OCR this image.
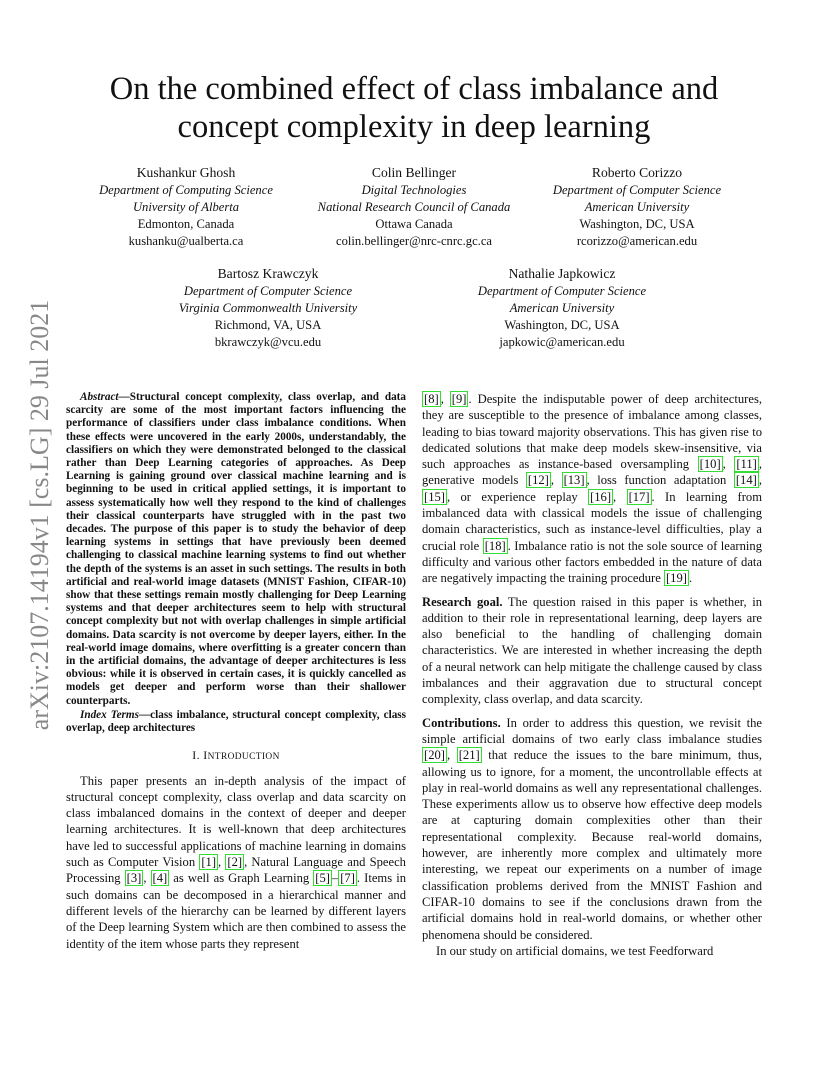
On the combined effect of class imbalance and concept complexity in deep learning
Kushankur Ghosh
Department of Computing Science
University of Alberta
Edmonton, Canada
kushanku@ualberta.ca
Colin Bellinger
Digital Technologies
National Research Council of Canada
Ottawa Canada
colin.bellinger@nrc-cnrc.gc.ca
Roberto Corizzo
Department of Computer Science
American University
Washington, DC, USA
rcorizzo@american.edu
Bartosz Krawczyk
Department of Computer Science
Virginia Commonwealth University
Richmond, VA, USA
bkrawczyk@vcu.edu
Nathalie Japkowicz
Department of Computer Science
American University
Washington, DC, USA
japkowic@american.edu
arXiv:2107.14194v1 [cs.LG] 29 Jul 2021	Abstract—Structural concept complexity, class overlap, and data scarcity are some of the most important factors influencing the performance of classifiers under class imbalance conditions. When these effects were uncovered in the early 2000s, understandably, the classifiers on which they were demonstrated belonged to the classical rather than Deep Learning categories of approaches. As Deep Learning is gaining ground over classical machine learning and is beginning to be used in critical applied settings, it is important to assess systematically how well they respond to the kind of challenges their classical counterparts have struggled with in the past two decades. The purpose of this paper is to study the behavior of deep learning systems in settings that have previously been deemed challenging to classical machine learning systems to find out whether the depth of the systems is an asset in such settings. The results in both artificial and real-world image datasets (MNIST Fashion, CIFAR-10) show that these settings remain mostly challenging for Deep Learning systems and that deeper architectures seem to help with structural concept complexity but not with overlap challenges in simple artificial domains. Data scarcity is not overcome by deeper layers, either. In the real-world image domains, where overfitting is a greater concern than in the artificial domains, the advantage of deeper architectures is less obvious: while it is observed in certain cases, it is quickly cancelled as models get deeper and perform worse than their shallower counterparts.

Index Terms—class imbalance, structural concept complexity, class overlap, deep architectures

I. INTRODUCTION

This paper presents an in-depth analysis of the impact of structural concept complexity, class overlap and data scarcity on class imbalanced domains in the context of deeper and deeper learning architectures. It is well-known that deep architectures have led to successful applications of machine learning in domains such as Computer Vision [1] , [2] , Natural Language and Speech Processing [3] , [4] as well as Graph Learning [5] – [7] . Items in such domains can be decomposed in a hierarchical manner and different levels of the hierarchy can be learned by different layers of the Deep learning System which are then combined to assess the identity of the item whose parts they represent

[8] , [9] . Despite the indisputable power of deep architectures, they are susceptible to the presence of imbalance among classes, leading to bias toward majority observations. This has given rise to dedicated solutions that make deep models skew-insensitive, via such approaches as instance-based oversampling [10] , [11] , generative models [12] , [13] , loss function adaptation [14] , [15] , or experience replay [16] , [17] . In learning from imbalanced data with classical models the issue of challenging domain characteristics, such as instance-level difficulties, play a crucial role [18] . Imbalance ratio is not the sole source of learning difficulty and various other factors embedded in the nature of data are negatively impacting the training procedure [19] .

Research goal. The question raised in this paper is whether, in addition to their role in representational learning, deep layers are also beneficial to the handling of challenging domain characteristics. We are interested in whether increasing the depth of a neural network can help mitigate the challenge caused by class imbalances and their aggravation due to structural concept complexity, class overlap, and data scarcity.

Contributions. In order to address this question, we revisit the simple artificial domains of two early class imbalance studies [20] , [21] that reduce the issues to the bare minimum, thus, allowing us to ignore, for a moment, the uncontrollable effects at play in real-world domains as well any representational challenges. These experiments allow us to observe how effective deep models are at capturing domain complexities other than their representational complexity. Because real-world domains, however, are inherently more complex and ultimately more interesting, we repeat our experiments on a number of image classification problems derived from the MNIST Fashion and CIFAR-10 domains to see if the conclusions drawn from the artificial domains hold in real-world domains, or whether other phenomena should be considered.

In our study on artificial domains, we test Feedforward
